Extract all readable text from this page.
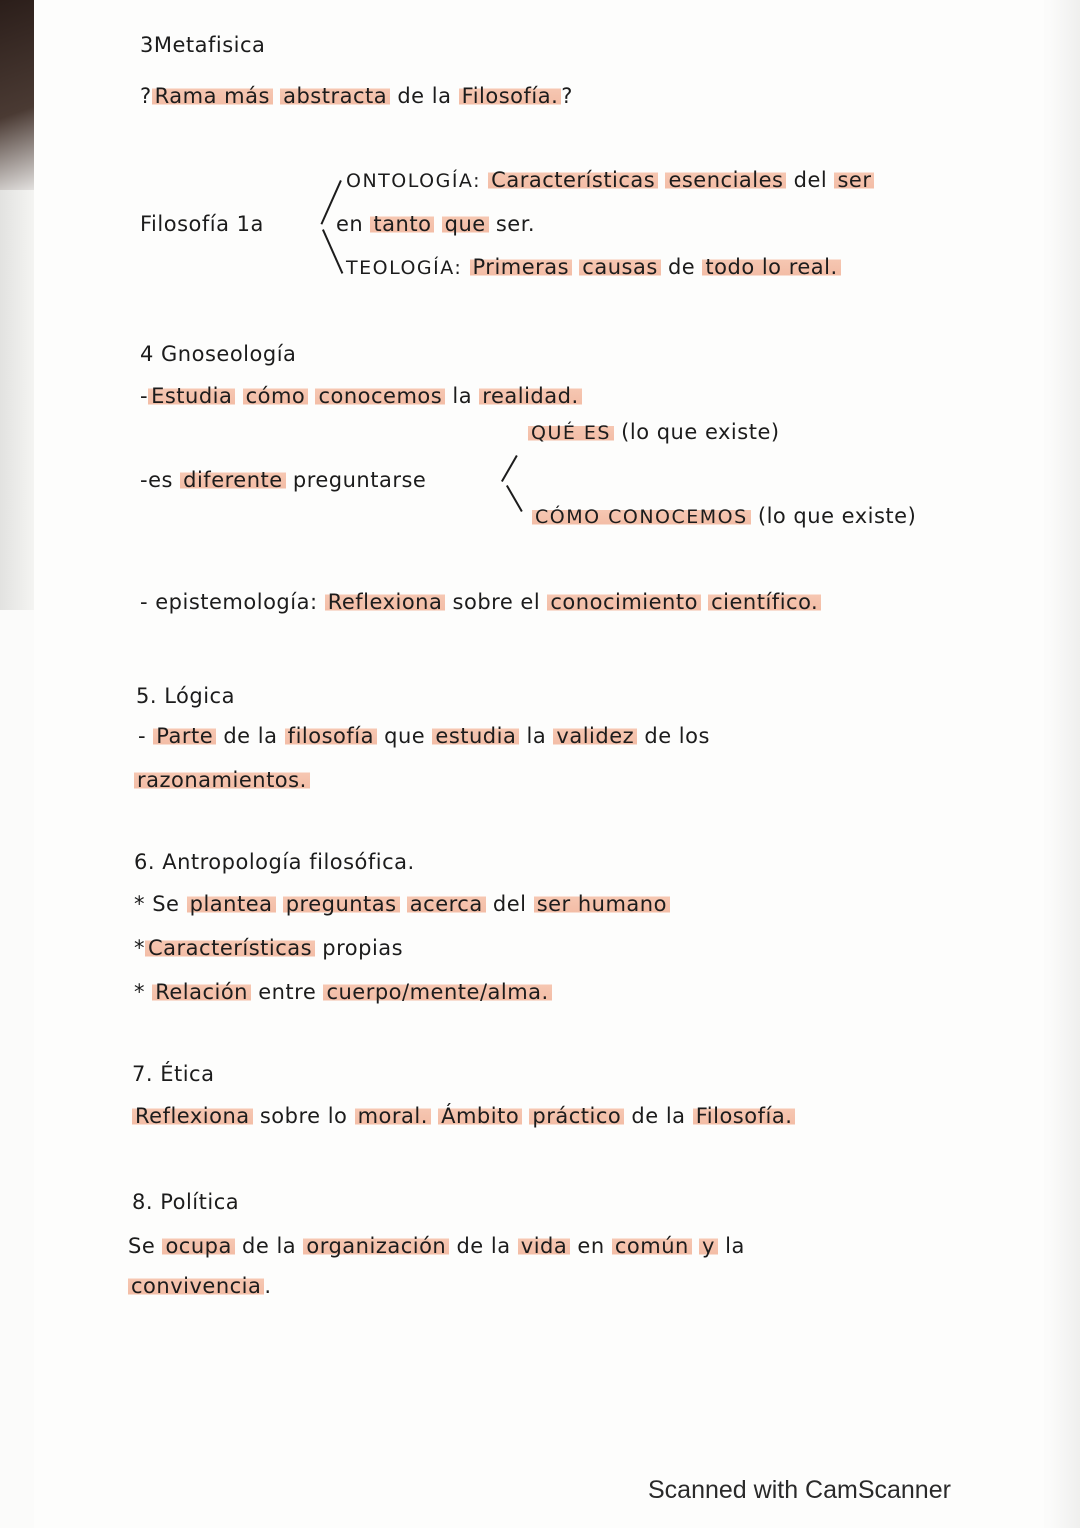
3Metafisica
? Rama más abstracta de la Filosofía. ?
Filosofía 1a
ONTOLOGÍA: Características esenciales del ser
en tanto que ser.
TEOLOGÍA: Primeras causas de todo lo real.
4 Gnoseología
- Estudia cómo conocemos la realidad.
QUÉ ES (lo que existe)
-es diferente preguntarse
CÓMO CONOCEMOS (lo que existe)
- epistemología: Reflexiona sobre el conocimiento científico.
5. Lógica
- Parte de la filosofía que estudia la validez de los
razonamientos.
6. Antropología filosófica.
* Se plantea preguntas acerca del ser humano
* Características propias
* Relación entre cuerpo/mente/alma.
7. Ética
Reflexiona sobre lo moral. Ámbito práctico de la Filosofía.
8. Política
Se ocupa de la organización de la vida en común y la
convivencia .
Scanned with CamScanner
